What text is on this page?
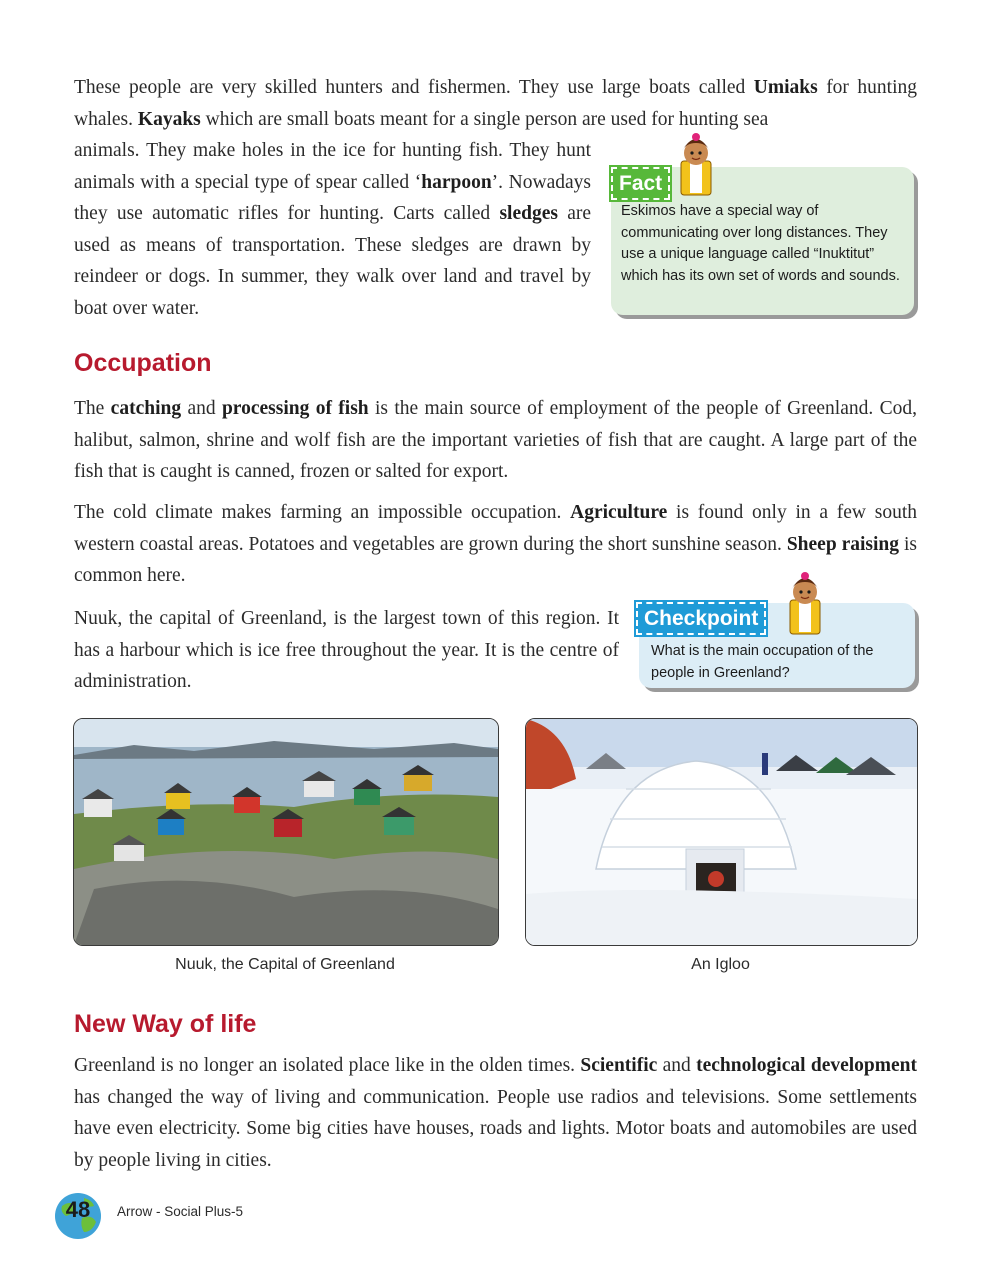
These people are very skilled hunters and fishermen. They use large boats called Umiaks for hunting whales. Kayaks which are small boats meant for a single person are used for hunting sea

animals. They make holes in the ice for hunting fish. They hunt animals with a special type of spear called ‘harpoon’. Nowadays they use automatic rifles for hunting. Carts called sledges are used as means of transportation. These sledges are drawn by reindeer or dogs. In summer, they walk over land and travel by boat over water.

Fact

Eskimos have a special way of communicating over long distances. They use a unique language called “Inuktitut” which has its own set of words and sounds.

Occupation

The catching and processing of fish is the main source of employment of the people of Greenland. Cod, halibut, salmon, shrine and wolf fish are the important varieties of fish that are caught. A large part of the fish that is caught is canned, frozen or salted for export.

The cold climate makes farming an impossible occupation. Agriculture is found only in a few south western coastal areas. Potatoes and vegetables are grown during the short sunshine season. Sheep raising is common here.

Nuuk, the capital of Greenland, is the largest town of this region. It has a harbour which is ice free throughout the year. It is the centre of administration.

Checkpoint

What is the main occupation of the people in Greenland?

Nuuk, the Capital of Greenland	An Igloo

New Way of life

Greenland is no longer an isolated place like in the olden times. Scientific and technological development has changed the way of living and communication. People use radios and televisions. Some settlements have even electricity. Some big cities have houses, roads and lights. Motor boats and automobiles are used by people living in cities.

48	Arrow - Social Plus-5
